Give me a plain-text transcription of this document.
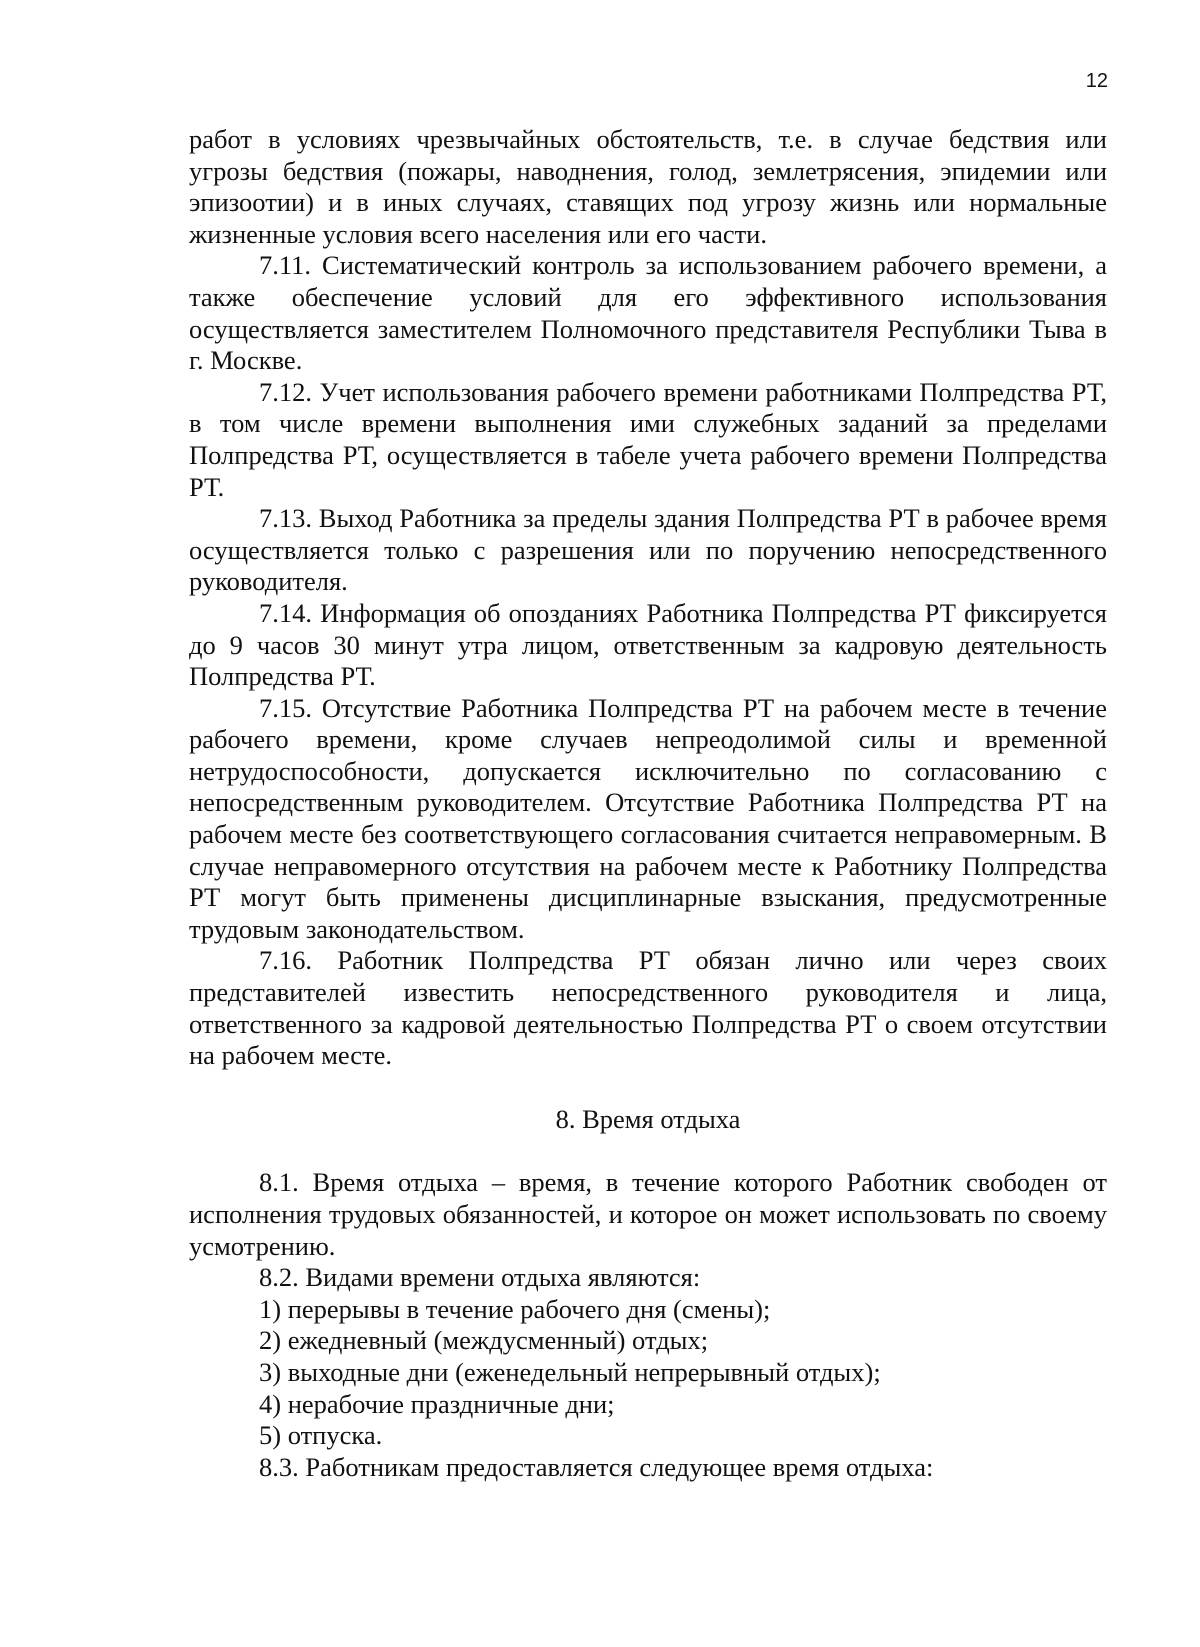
12

работ в условиях чрезвычайных обстоятельств, т.е. в случае бедствия или угрозы бедствия (пожары, наводнения, голод, землетрясения, эпидемии или эпизоотии) и в иных случаях, ставящих под угрозу жизнь или нормальные жизненные условия всего населения или его части.

7.11. Систематический контроль за использованием рабочего времени, а также обеспечение условий для его эффективного использования осуществляется заместителем Полномочного представителя Республики Тыва в г. Москве.

7.12. Учет использования рабочего времени работниками Полпредства РТ, в том числе времени выполнения ими служебных заданий за пределами Полпредства РТ, осуществляется в табеле учета рабочего времени Полпредства РТ.

7.13. Выход Работника за пределы здания Полпредства РТ в рабочее время осуществляется только с разрешения или по поручению непосредственного руководителя.

7.14. Информация об опозданиях Работника Полпредства РТ фиксируется до 9 часов 30 минут утра лицом, ответственным за кадровую деятельность Полпредства РТ.

7.15. Отсутствие Работника Полпредства РТ на рабочем месте в течение рабочего времени, кроме случаев непреодолимой силы и временной нетрудоспособности, допускается исключительно по согласованию с непосредственным руководителем. Отсутствие Работника Полпредства РТ на рабочем месте без соответствующего согласования считается неправомерным. В случае неправомерного отсутствия на рабочем месте к Работнику Полпредства РТ могут быть применены дисциплинарные взыскания, предусмотренные трудовым законодательством.

7.16. Работник Полпредства РТ обязан лично или через своих представителей известить непосредственного руководителя и лица, ответственного за кадровой деятельностью Полпредства РТ о своем отсутствии на рабочем месте.

8. Время отдыха

8.1. Время отдыха – время, в течение которого Работник свободен от исполнения трудовых обязанностей, и которое он может использовать по своему усмотрению.

8.2. Видами времени отдыха являются:

1) перерывы в течение рабочего дня (смены);

2) ежедневный (междусменный) отдых;

3) выходные дни (еженедельный непрерывный отдых);

4) нерабочие праздничные дни;

5) отпуска.

8.3. Работникам предоставляется следующее время отдыха:
